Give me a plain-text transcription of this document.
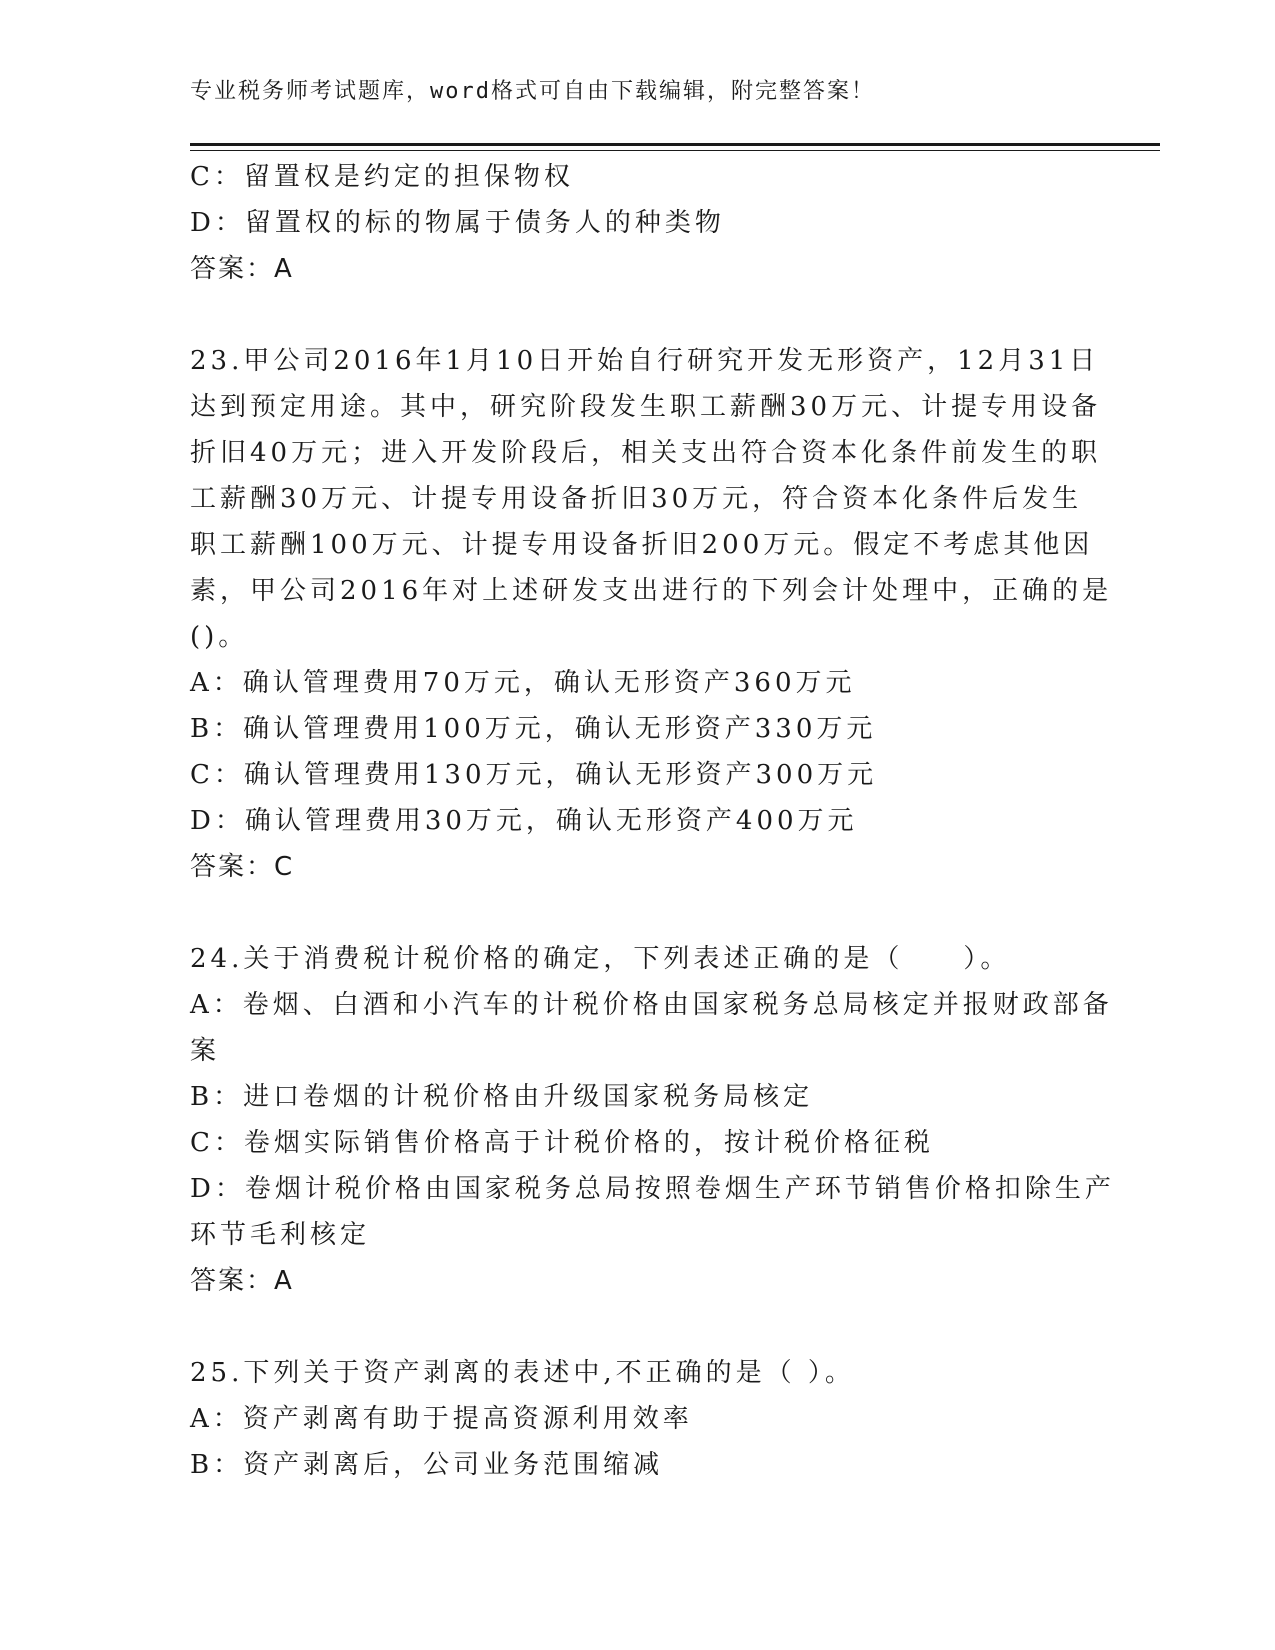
专业税务师考试题库，word格式可自由下载编辑，附完整答案！
C：留置权是约定的担保物权
D：留置权的标的物属于债务人的种类物
答案：A
23.甲公司2016年1月10日开始自行研究开发无形资产，12月31日
达到预定用途。其中，研究阶段发生职工薪酬30万元、计提专用设备
折旧40万元；进入开发阶段后，相关支出符合资本化条件前发生的职
工薪酬30万元、计提专用设备折旧30万元，符合资本化条件后发生
职工薪酬100万元、计提专用设备折旧200万元。假定不考虑其他因
素，甲公司2016年对上述研发支出进行的下列会计处理中，正确的是
()。
A：确认管理费用70万元，确认无形资产360万元
B：确认管理费用100万元，确认无形资产330万元
C：确认管理费用130万元，确认无形资产300万元
D：确认管理费用30万元，确认无形资产400万元
答案：C
24.关于消费税计税价格的确定，下列表述正确的是（　　）。
A：卷烟、白酒和小汽车的计税价格由国家税务总局核定并报财政部备
案
B：进口卷烟的计税价格由升级国家税务局核定
C：卷烟实际销售价格高于计税价格的，按计税价格征税
D：卷烟计税价格由国家税务总局按照卷烟生产环节销售价格扣除生产
环节毛利核定
答案：A
25.下列关于资产剥离的表述中,不正确的是（ ）。
A：资产剥离有助于提高资源利用效率
B：资产剥离后，公司业务范围缩减
